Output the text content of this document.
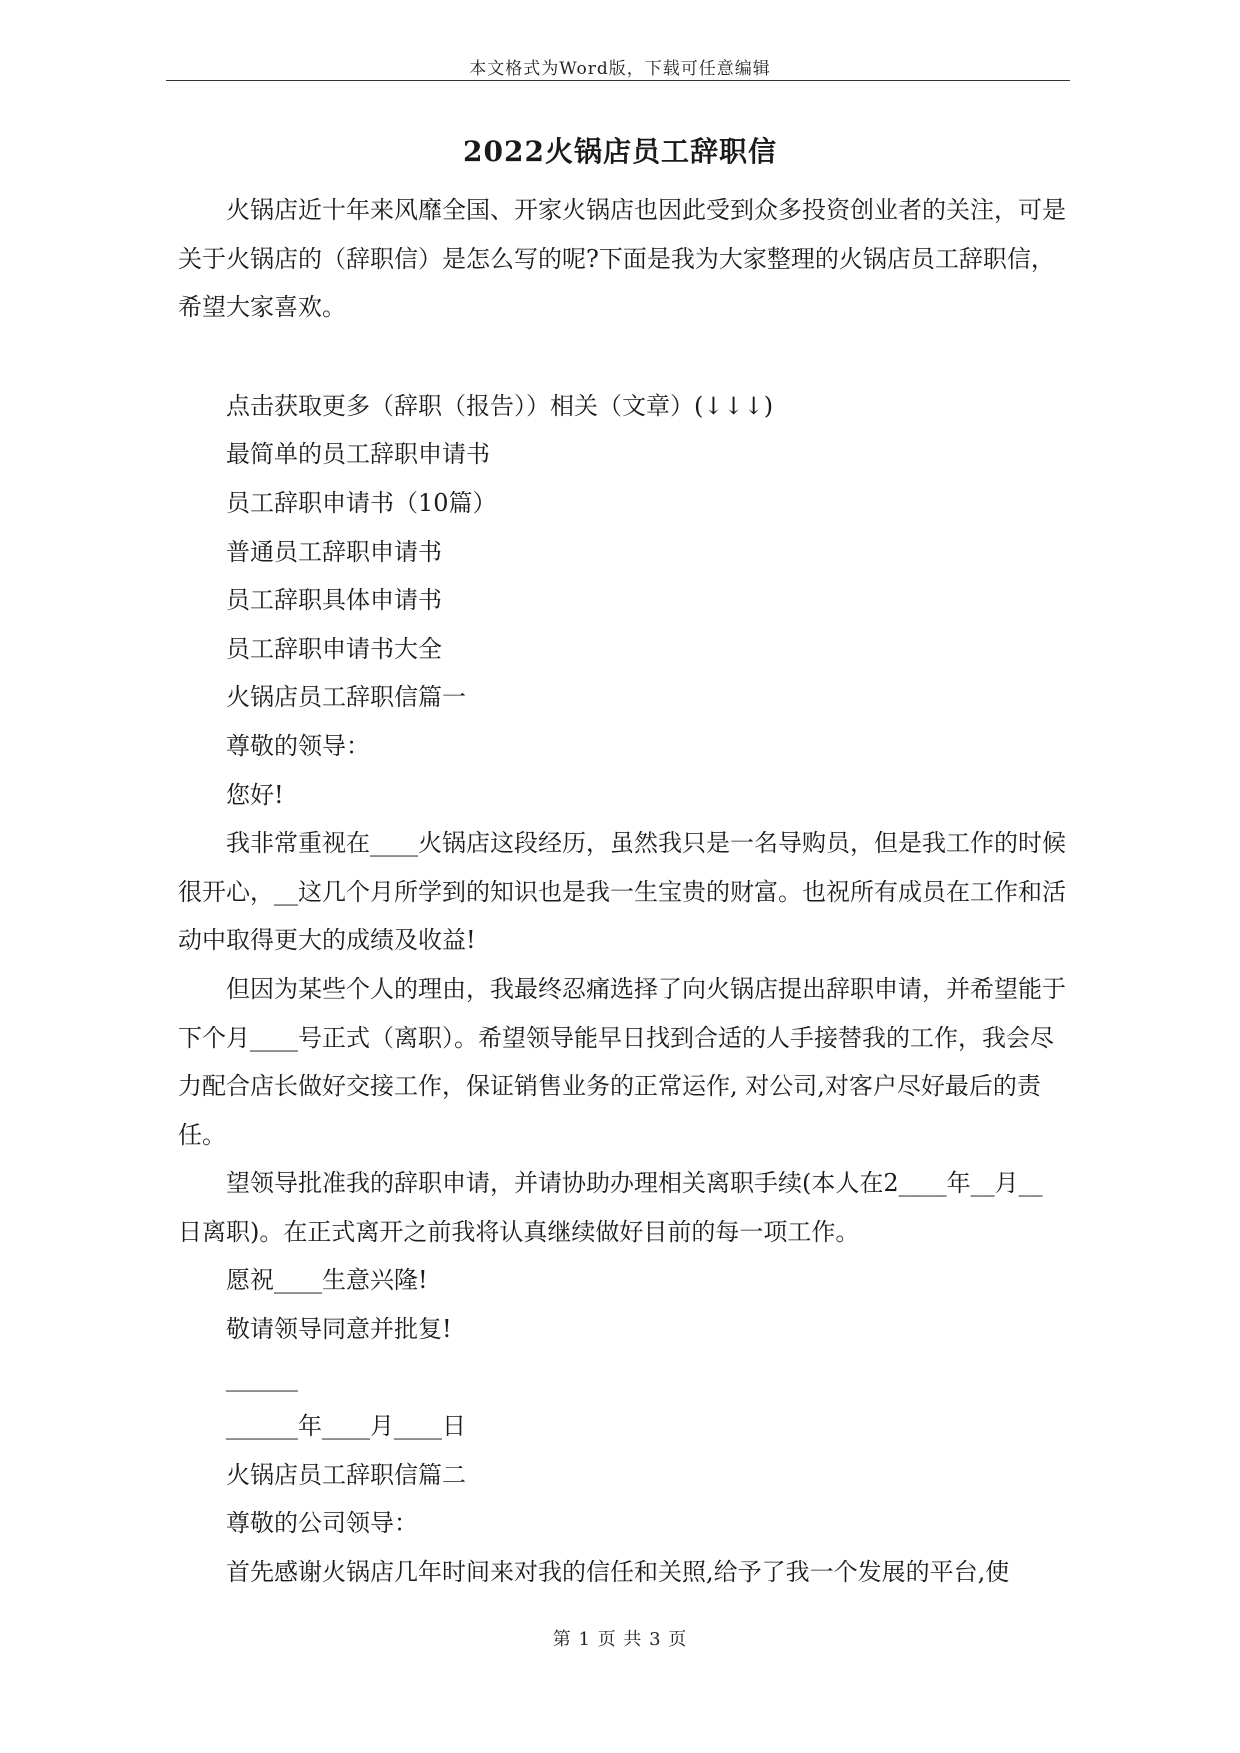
本文格式为Word版，下载可任意编辑
2022火锅店员工辞职信

火锅店近十年来风靡全国、开家火锅店也因此受到众多投资创业者的关注，可是关于火锅店的（辞职信）是怎么写的呢?下面是我为大家整理的火锅店员工辞职信，希望大家喜欢。

点击获取更多（辞职（报告））相关（文章）(↓↓↓)

最简单的员工辞职申请书

员工辞职申请书（10篇）

普通员工辞职申请书

员工辞职具体申请书

员工辞职申请书大全

火锅店员工辞职信篇一

尊敬的领导：

您好!

我非常重视在____火锅店这段经历，虽然我只是一名导购员，但是我工作的时候很开心，__这几个月所学到的知识也是我一生宝贵的财富。也祝所有成员在工作和活动中取得更大的成绩及收益!

但因为某些个人的理由，我最终忍痛选择了向火锅店提出辞职申请，并希望能于下个月____号正式（离职）。希望领导能早日找到合适的人手接替我的工作，我会尽力配合店长做好交接工作，保证销售业务的正常运作, 对公司,对客户尽好最后的责任。

望领导批准我的辞职申请，并请协助办理相关离职手续(本人在2____年__月__日离职)。在正式离开之前我将认真继续做好目前的每一项工作。

愿祝____生意兴隆!

敬请领导同意并批复!

______

______年____月____日

火锅店员工辞职信篇二

尊敬的公司领导：

首先感谢火锅店几年时间来对我的信任和关照,给予了我一个发展的平台,使

第 1 页 共 3 页
